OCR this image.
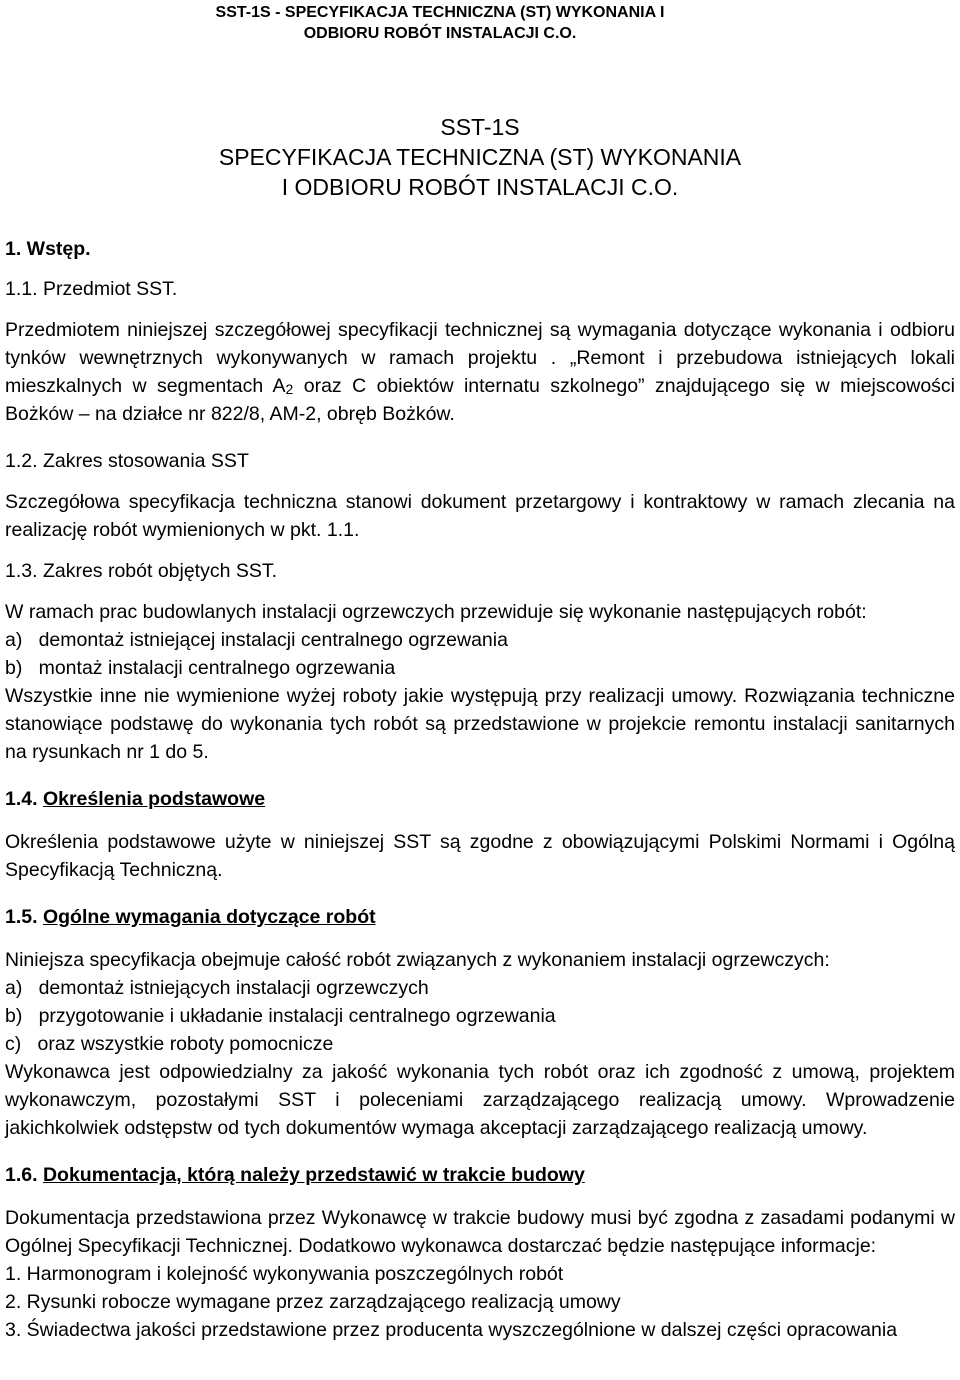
SST-1S - SPECYFIKACJA TECHNICZNA (ST) WYKONANIA I
ODBIORU ROBÓT INSTALACJI C.O.
SST-1S
SPECYFIKACJA TECHNICZNA (ST) WYKONANIA
I ODBIORU ROBÓT INSTALACJI C.O.
1. Wstęp.
1.1. Przedmiot SST.

Przedmiotem niniejszej szczegółowej specyfikacji technicznej są wymagania dotyczące wykonania i odbioru tynków wewnętrznych wykonywanych w ramach projektu . „Remont i przebudowa istniejących lokali mieszkalnych w segmentach $A_2$ oraz C obiektów internatu szkolnego” znajdującego się w miejscowości Bożków – na działce nr 822/8, AM-2, obręb Bożków.

1.2. Zakres stosowania SST

Szczegółowa specyfikacja techniczna stanowi dokument przetargowy i kontraktowy w ramach zlecania na realizację robót wymienionych w pkt. 1.1.

1.3. Zakres robót objętych SST.

W ramach prac budowlanych instalacji ogrzewczych przewiduje się wykonanie następujących robót:

a)   demontaż istniejącej instalacji centralnego ogrzewania
b)   montaż instalacji centralnego ogrzewania

Wszystkie inne nie wymienione wyżej roboty jakie występują przy realizacji umowy. Rozwiązania techniczne stanowiące podstawę do wykonania tych robót są przedstawione w projekcie remontu instalacji sanitarnych na rysunkach nr 1 do 5.

1.4. Określenia podstawowe

Określenia podstawowe użyte w niniejszej SST są zgodne z obowiązującymi Polskimi Normami i Ogólną Specyfikacją Techniczną.

1.5. Ogólne wymagania dotyczące robót

Niniejsza specyfikacja obejmuje całość robót związanych z wykonaniem instalacji ogrzewczych:

a)   demontaż istniejących instalacji ogrzewczych
b)   przygotowanie i układanie instalacji centralnego ogrzewania
c)   oraz wszystkie roboty pomocnicze

Wykonawca jest odpowiedzialny za jakość wykonania tych robót oraz ich zgodność z umową, projektem wykonawczym, pozostałymi SST i poleceniami zarządzającego realizacją umowy. Wprowadzenie jakichkolwiek odstępstw od tych dokumentów wymaga akceptacji zarządzającego realizacją umowy.

1.6. Dokumentacja, którą należy przedstawić w trakcie budowy

Dokumentacja przedstawiona przez Wykonawcę w trakcie budowy musi być zgodna z zasadami podanymi w Ogólnej Specyfikacji Technicznej. Dodatkowo wykonawca dostarczać będzie następujące informacje:

1. Harmonogram i kolejność wykonywania poszczególnych robót
2. Rysunki robocze wymagane przez zarządzającego realizacją umowy
3. Świadectwa jakości przedstawione przez producenta wyszczególnione w dalszej części opracowania
